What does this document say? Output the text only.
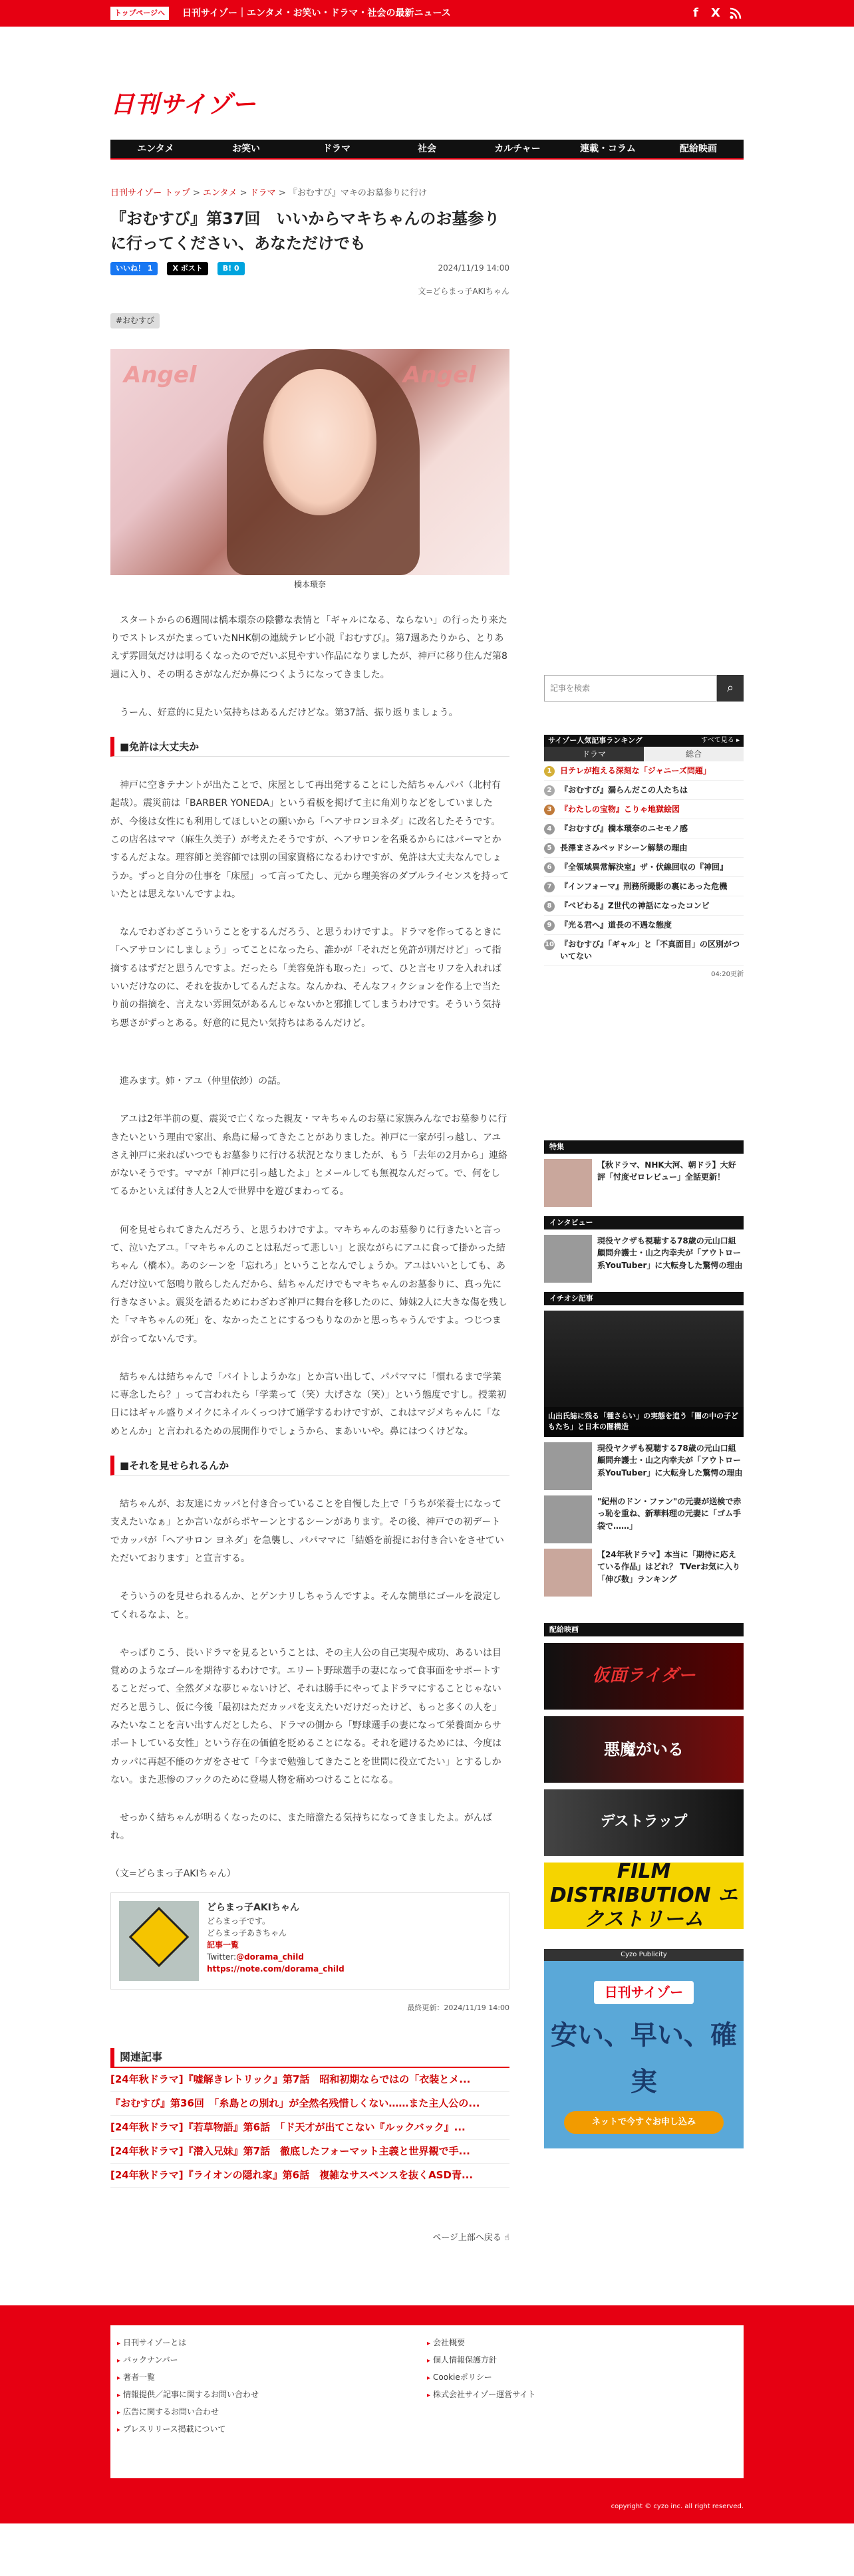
トップページへ	日刊サイゾー｜エンタメ・お笑い・ドラマ・社会の最新ニュース	f	X
日刊サイゾー
エンタメ	お笑い	ドラマ	社会	カルチャー	連載・コラム	配給映画
日刊サイゾー トップ > エンタメ > ドラマ > 『おむすび』マキのお墓参りに行け
『おむすび』第37回　いいからマキちゃんのお墓参りに行ってください、あなただけでも
いいね！ 1	X ポスト	B! 0	2024/11/19 14:00
文=どらまっ子AKIちゃん
#おむすび
Angel	Angel
橋本環奈

スタートからの6週間は橋本環奈の陰鬱な表情と「ギャルになる、ならない」の行ったり来たりでストレスがたまっていたNHK朝の連続テレビ小説『おむすび』。第7週あたりから、とりあえず雰囲気だけは明るくなったのでだいぶ見やすい作品になりましたが、神戸に移り住んだ第8週に入り、その明るさがなんだか鼻につくようになってきました。

うーん、好意的に見たい気持ちはあるんだけどな。第37話、振り返りましょう。

■免許は大丈夫か

神戸に空きテナントが出たことで、床屋として再出発することにした結ちゃんパパ（北村有起哉）。震災前は「BARBER YONEDA」という看板を掲げて主に角刈りなどをしていましたが、今後は女性にも利用してほしいとの願いから「ヘアサロンヨネダ」に改名したそうです。この店名はママ（麻生久美子）が考えたそうですが、ヘアサロンを名乗るからにはパーマとかするんだよな。理容師と美容師では別の国家資格になるわけですが、免許は大丈夫なんでしょうか。ずっと自分の仕事を「床屋」って言ってたし、元から理美容のダブルライセンスを持っていたとは思えないんですよね。

なんでわざわざこういうことをするんだろう、と思うわけですよ。ドラマを作ってるときに「ヘアサロンにしましょう」ってことになったら、誰かが「それだと免許が別だけど」って指摘するはずだと思うんですよ。だったら「美容免許も取った」って、ひと言セリフを入れればいいだけなのに、それを抜かしてるんだよな。なんかね、そんなフィクションを作る上で当たり前の指摘を、言えない雰囲気があるんじゃないかと邪推してしまうわけです。そういう気持ち悪さがずっとある。好意的に見たい気持ちはあるんだけど。

進みます。姉・アユ（仲里依紗）の話。

アユは2年半前の夏、震災で亡くなった親友・マキちゃんのお墓に家族みんなでお墓参りに行きたいという理由で家出、糸島に帰ってきたことがありました。神戸に一家が引っ越し、アユさえ神戸に来ればいつでもお墓参りに行ける状況となりましたが、もう「去年の2月から」連絡がないそうです。ママが「神戸に引っ越したよ」とメールしても無視なんだって。で、何をしてるかといえば付き人と2人で世界中を遊びまわってる。

何を見せられてきたんだろう、と思うわけですよ。マキちゃんのお墓参りに行きたいと言って、泣いたアユ。「マキちゃんのことは私だって悲しい」と涙ながらにアユに食って掛かった結ちゃん（橋本）。あのシーンを「忘れろ」ということなんでしょうか。アユはいいとしても、あんだけ泣いて怒鳴り散らしたんだから、結ちゃんだけでもマキちゃんのお墓参りに、真っ先に行きなさいよ。震災を語るためにわざわざ神戸に舞台を移したのに、姉妹2人に大きな傷を残した「マキちゃんの死」を、なかったことにするつもりなのかと思っちゃうんですよ。つじつまが合ってないんです。

結ちゃんは結ちゃんで「バイトしようかな」とか言い出して、パパママに「慣れるまで学業に専念したら？」って言われたら「学業って（笑）大げさな（笑）」という態度ですし。授業初日にはギャル盛りメイクにネイルくっつけて通学するわけですが、これはマジメちゃんに「なめとんか」と言われるための展開作りでしょうから、まあいいや。鼻にはつくけどな。

■それを見せられるんか

結ちゃんが、お友達にカッパと付き合っていることを自慢した上で「うちが栄養士になって支えたいなぁ」とか言いながらポヤーンとするシーンがあります。その後、神戸での初デートでカッパが「ヘアサロン ヨネダ」を急襲し、パパママに「結婚を前提にお付き合いをさせていただいております」と宣言する。

そういうのを見せられるんか、とゲンナリしちゃうんですよ。そんな簡単にゴールを設定してくれるなよ、と。

やっぱりこう、長いドラマを見るということは、その主人公の自己実現や成功、あるいは目覚めのようなゴールを期待するわけです。エリート野球選手の妻になって食事面をサポートすることだって、全然ダメな夢じゃないけど、それは勝手にやってよドラマにすることじゃないだろと思うし、仮に今後「最初はただカッパを支えたいだけだったけど、もっと多くの人を」みたいなことを言い出すんだとしたら、ドラマの側から「野球選手の妻になって栄養面からサポートしている女性」という存在の価値を貶めることになる。それを避けるためには、今度はカッパに再起不能のケガをさせて「今まで勉強してきたことを世間に役立てたい」とするしかない。また悲惨のフックのために登場人物を痛めつけることになる。

せっかく結ちゃんが明るくなったのに、また暗澹たる気持ちになってきましたよ。がんばれ。

（文=どらまっ子AKIちゃん）
どらまっ子AKIちゃん
どらまっ子です。
どらまっ子あきちゃん
記事一覧
Twitter:@dorama_child
https://note.com/dorama_child
最終更新：2024/11/19 14:00
関連記事
[24年秋ドラマ]『嘘解きレトリック』第7話　昭和初期ならではの「衣装とメ...
『おむすび』第36回　「糸島との別れ」が全然名残惜しくない……また主人公の...
[24年秋ドラマ]『若草物語』第6話　「ド天才が出てこない『ルックバック』...
[24年秋ドラマ]『潜入兄妹』第7話　徹底したフォーマット主義と世界観で手...
[24年秋ドラマ]『ライオンの隠れ家』第6話　複雑なサスペンスを抜くASD青...
ページ上部へ戻る ☝
記事を検索
⌕
サイゾー人気記事ランキング	すべて見る ▸
ドラマ	総合
1	日テレが抱える深刻な「ジャニーズ問題」
2	『おむすび』漏らんだこの人たちは
3	『わたしの宝物』こりゃ地獄絵図
4	『おむすび』橋本環奈のニセモノ感
5	長澤まさみベッドシーン解禁の理由
6	『全領域異常解決室』ザ・伏線回収の『神回』
7	『インフォーマ』刑務所撮影の裏にあった危機
8	『べビわる』Z世代の神話になったコンビ
9	『光る君へ』道長の不遇な態度
10 『おむすび』「ギャル」と「不真面目」の区別がついてない
04:20更新
特集
【秋ドラマ、NHK大河、朝ドラ】大好評「忖度ゼロレビュー」全話更新！
インタビュー
現役ヤクザも視聴する78歳の元山口組顧問弁護士・山之内幸夫が「アウトロー系YouTuber」に大転身した驚愕の理由
イチオシ記事
山出氏誌に残る「種さらい」の実態を追う「闇の中の子どもたち」と日本の闇構造
現役ヤクザも視聴する78歳の元山口組顧問弁護士・山之内幸夫が「アウトロー系YouTuber」に大転身した驚愕の理由
"紀州のドン・ファン"の元妻が送検で赤っ恥を重ね、新華料理の元妻に「ゴム手袋で……」
【24年秋ドラマ】本当に「期待に応えている作品」はどれ？ TVerお気に入り「伸び数」ランキング
配給映画
仮面ライダー
悪魔がいる
デストラップ
FILM DISTRIBUTION エクストリーム
Cyzo Publicity
日刊サイゾー
安い、早い、確実
プレスリリースを5万円で配信できる
ネットで今すぐお申し込み
▸ 日刊サイゾーとは
▸ バックナンバー
▸ 著者一覧
▸ 情報提供／記事に関するお問い合わせ
▸ 広告に関するお問い合わせ
▸ プレスリリース掲載について
▸ 会社概要
▸ 個人情報保護方針
▸ Cookieポリシー
▸ 株式会社サイゾー運営サイト
copyright © cyzo inc. all right reserved.
